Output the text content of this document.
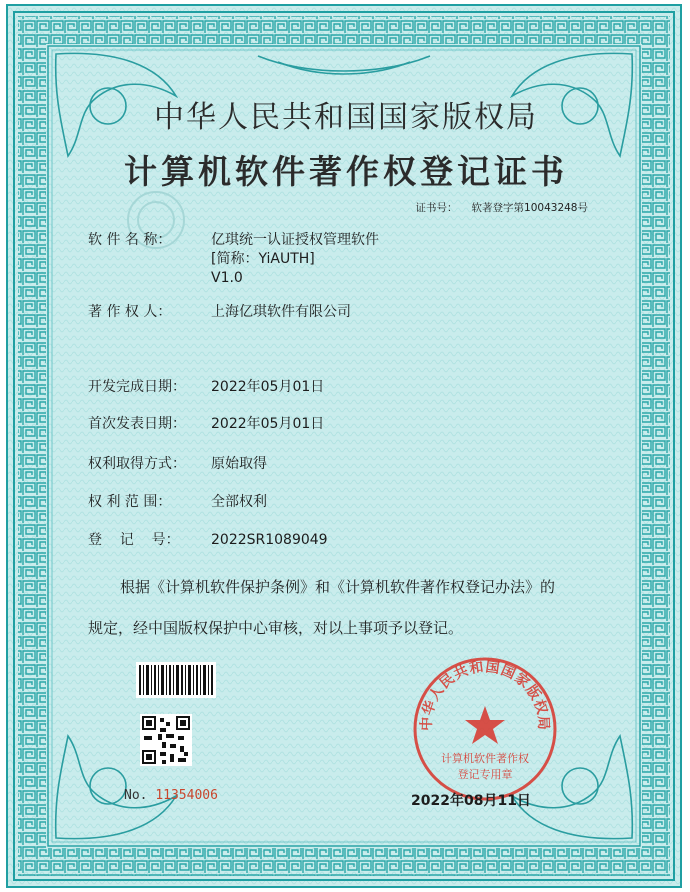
中华人民共和国国家版权局
计算机软件著作权登记证书
证书号： 软著登字第10043248号
软 件 名 称：	亿琪统一认证授权管理软件
[简称：YiAUTH]
V1.0
著 作 权 人：	上海亿琪软件有限公司
开发完成日期：	2022年05月01日
首次发表日期：	2022年05月01日
权利取得方式：	原始取得
权 利 范 围：	全部权利
登    记    号：	2022SR1089049
根据《计算机软件保护条例》和《计算机软件著作权登记办法》的
规定，经中国版权保护中心审核，对以上事项予以登记。
No. 11354006
中华人民共和国国家版权局
计算机软件著作权
登记专用章
2022年08月11日
